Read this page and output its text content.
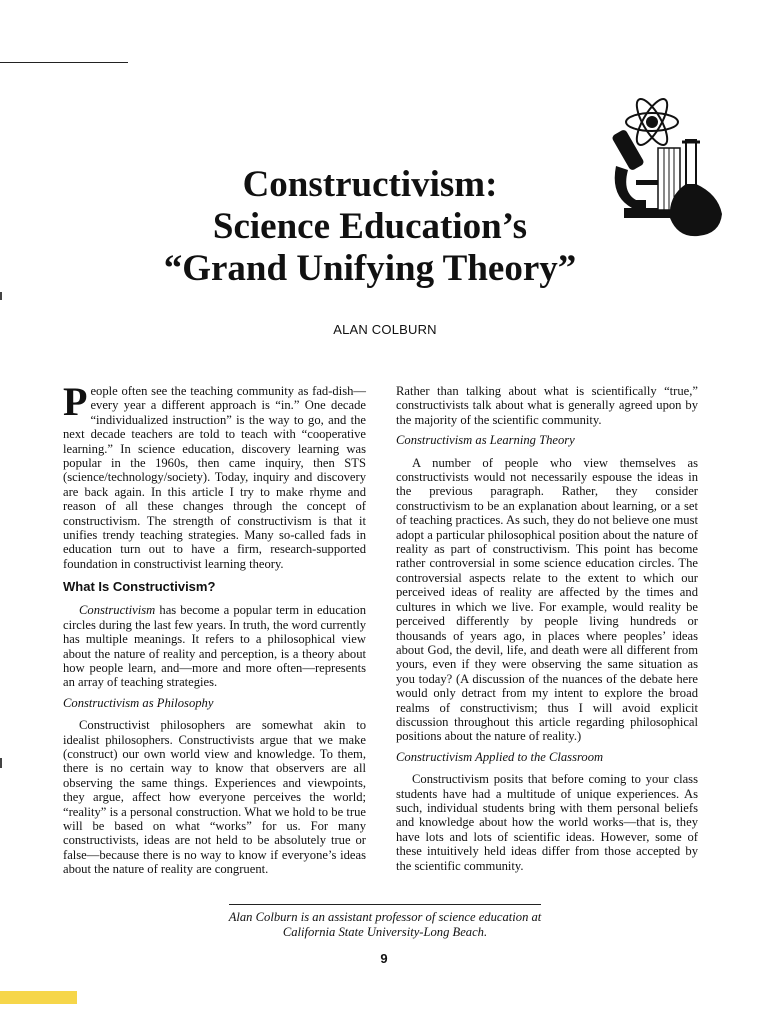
Constructivism:
Science Education’s
“Grand Unifying Theory”
ALAN COLBURN

People often see the teaching community as fad-dish—every year a different approach is “in.” One decade “individualized instruction” is the way to go, and the next decade teachers are told to teach with “cooperative learning.” In science education, discovery learning was popular in the 1960s, then came inquiry, then STS (science/technology/society). Today, inquiry and discovery are back again. In this article I try to make rhyme and reason of all these changes through the concept of constructivism. The strength of constructivism is that it unifies trendy teaching strategies. Many so-called fads in education turn out to have a firm, research-supported foundation in constructivist learning theory.

What Is Constructivism?

Constructivism has become a popular term in education circles during the last few years. In truth, the word currently has multiple meanings. It refers to a philosophical view about the nature of reality and perception, is a theory about how people learn, and—more and more often—represents an array of teaching strategies.

Constructivism as Philosophy

Constructivist philosophers are somewhat akin to idealist philosophers. Constructivists argue that we make (construct) our own world view and knowledge. To them, there is no certain way to know that observers are all observing the same things. Experiences and viewpoints, they argue, affect how everyone perceives the world; “reality” is a personal construction. What we hold to be true will be based on what “works” for us. For many constructivists, ideas are not held to be absolutely true or false—because there is no way to know if everyone’s ideas about the nature of reality are congruent.

Rather than talking about what is scientifically “true,” constructivists talk about what is generally agreed upon by the majority of the scientific community.

Constructivism as Learning Theory

A number of people who view themselves as constructivists would not necessarily espouse the ideas in the previous paragraph. Rather, they consider constructivism to be an explanation about learning, or a set of teaching practices. As such, they do not believe one must adopt a particular philosophical position about the nature of reality as part of constructivism. This point has become rather controversial in some science education circles. The controversial aspects relate to the extent to which our perceived ideas of reality are affected by the times and cultures in which we live. For example, would reality be perceived differently by people living hundreds or thousands of years ago, in places where peoples’ ideas about God, the devil, life, and death were all different from yours, even if they were observing the same situation as you today? (A discussion of the nuances of the debate here would only detract from my intent to explore the broad realms of constructivism; thus I will avoid explicit discussion throughout this article regarding philosophical positions about the nature of reality.)

Constructivism Applied to the Classroom

Constructivism posits that before coming to your class students have had a multitude of unique experiences. As such, individual students bring with them personal beliefs and knowledge about how the world works—that is, they have lots and lots of scientific ideas. However, some of these intuitively held ideas differ from those accepted by the scientific community.

Alan Colburn is an assistant professor of science education at
California State University-Long Beach.
9
